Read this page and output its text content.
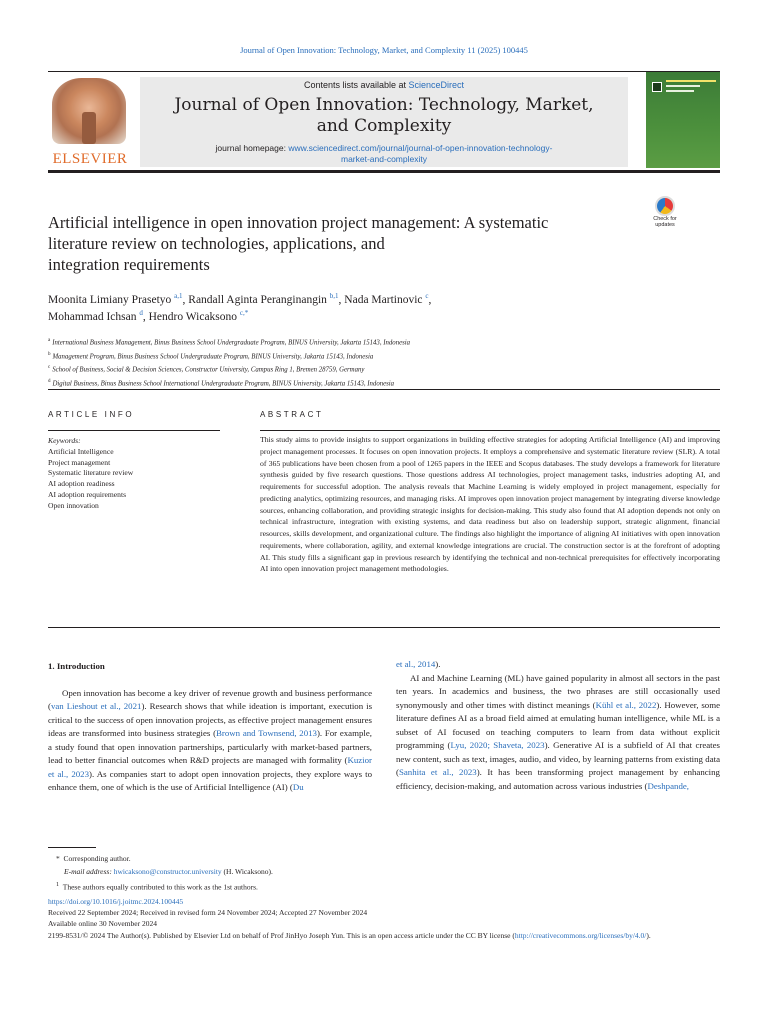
Journal of Open Innovation: Technology, Market, and Complexity 11 (2025) 100445
ELSEVIER
Contents lists available at ScienceDirect
Journal of Open Innovation: Technology, Market,
and Complexity
journal homepage: www.sciencedirect.com/journal/journal-of-open-innovation-technology-
market-and-complexity
Check for updates
Artificial intelligence in open innovation project management: A systematic
literature review on technologies, applications, and
integration requirements
Moonita Limiany Prasetyo $^{a,1}$, Randall Aginta Peranginangin $^{b,1}$, Nada Martinovic $^c$,
Mohammad Ichsan $^d$, Hendro Wicaksono $^{c,*}$
$^a$ International Business Management, Binus Business School Undergraduate Program, BINUS University, Jakarta 15143, Indonesia
$^b$ Management Program, Binus Business School Undergraduate Program, BINUS University, Jakarta 15143, Indonesia
$^c$ School of Business, Social & Decision Sciences, Constructor University, Campus Ring 1, Bremen 28759, Germany
$^d$ Digital Business, Binus Business School International Undergraduate Program, BINUS University, Jakarta 15143, Indonesia
ARTICLE INFO	ABSTRACT
Keywords:
Artificial Intelligence
Project management
Systematic literature review
AI adoption readiness
AI adoption requirements
Open innovation
This study aims to provide insights to support organizations in building effective strategies for adopting Artificial Intelligence (AI) and improving project management processes. It focuses on open innovation projects. It employs a comprehensive and systematic literature review (SLR). A total of 365 publications have been chosen from a pool of 1265 papers in the IEEE and Scopus databases. The study develops a framework for literature synthesis guided by five research questions. Those questions address AI technologies, project management tasks, industries adopting AI, and requirements for successful adoption. The analysis reveals that Machine Learning is widely employed in project management, especially for predicting analytics, optimizing resources, and managing risks. AI improves open innovation project management by integrating diverse knowledge sources, enhancing collaboration, and providing strategic insights for decision-making. This study also found that AI adoption depends not only on technical infrastructure, integration with existing systems, and data readiness but also on leadership support, strategic alignment, financial resources, skills development, and organizational culture. The findings also highlight the importance of aligning AI initiatives with open innovation requirements, where collaboration, agility, and external knowledge integrations are crucial. The construction sector is at the forefront of adopting AI. This study fills a significant gap in previous research by identifying the technical and non-technical prerequisites for effectively incorporating AI into open innovation project management methodologies.
1. Introduction

Open innovation has become a key driver of revenue growth and business performance (van Lieshout et al., 2021). Research shows that while ideation is important, execution is critical to the success of open innovation projects, as effective project management ensures ideas are transformed into business strategies (Brown and Townsend, 2013). For example, a study found that open innovation partnerships, particularly with market-based partners, lead to better financial outcomes when R&D projects are managed with formality (Kuzior et al., 2023). As companies start to adopt open innovation projects, they explore ways to enhance them, one of which is the use of Artificial Intelligence (AI) (Du

et al., 2014).

AI and Machine Learning (ML) have gained popularity in almost all sectors in the past ten years. In academics and business, the two phrases are still occasionally used synonymously and other times with distinct meanings (Kühl et al., 2022). However, some literature defines AI as a broad field aimed at emulating human intelligence, while ML is a subset of AI focused on teaching computers to learn from data without explicit programming (Lyu, 2020; Shaveta, 2023). Generative AI is a subfield of AI that creates new content, such as text, images, audio, and video, by learning patterns from existing data (Sanhita et al., 2023). It has been transforming project management by enhancing efficiency, decision-making, and automation across various industries (Deshpande,

*  Corresponding author.
E-mail address: hwicaksono@constructor.university (H. Wicaksono).
$^1$ These authors equally contributed to this work as the 1st authors.
https://doi.org/10.1016/j.joitmc.2024.100445
Received 22 September 2024; Received in revised form 24 November 2024; Accepted 27 November 2024
Available online 30 November 2024
2199-8531/© 2024 The Author(s). Published by Elsevier Ltd on behalf of Prof JinHyo Joseph Yun. This is an open access article under the CC BY license (http://creativecommons.org/licenses/by/4.0/).
